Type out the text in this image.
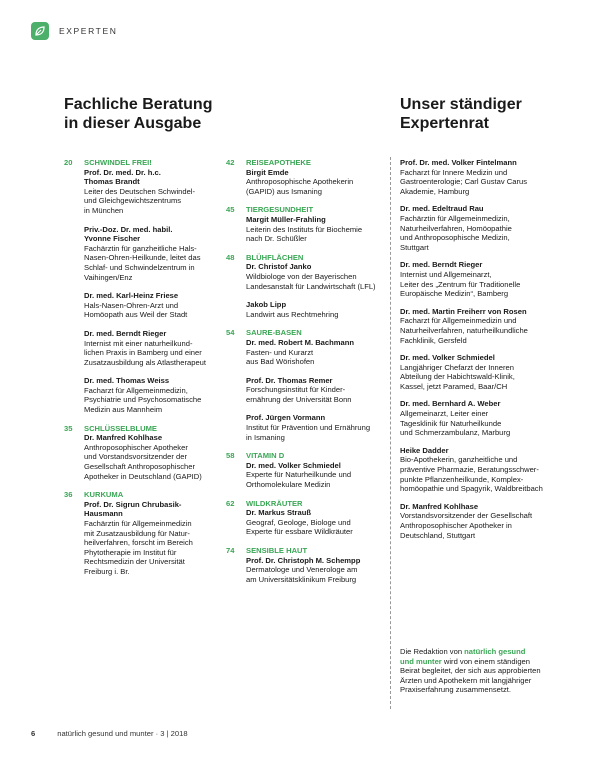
EXPERTEN
Fachliche Beratung
in dieser Ausgabe
Unser ständiger
Expertenrat
20 SCHWINDEL FREI!
Prof. Dr. med. Dr. h.c.
Thomas Brandt
Leiter des Deutschen Schwindel-
und Gleichgewichtszentrums
in München
Priv.-Doz. Dr. med. habil.
Yvonne Fischer
Fachärztin für ganzheitliche Hals-
Nasen-Ohren-Heilkunde, leitet das
Schlaf- und Schwindelzentrum in
Vaihingen/Enz
Dr. med. Karl-Heinz Friese
Hals-Nasen-Ohren-Arzt und
Homöopath aus Weil der Stadt
Dr. med. Berndt Rieger
Internist mit einer naturheilkund-
lichen Praxis in Bamberg und einer
Zusatzausbildung als Atlastherapeut
Dr. med. Thomas Weiss
Facharzt für Allgemeinmedizin,
Psychiatrie und Psychosomatische
Medizin aus Mannheim
35 SCHLÜSSELBLUME
Dr. Manfred Kohlhase
Anthroposophischer Apotheker
und Vorstandsvorsitzender der
Gesellschaft Anthroposophischer
Apotheker in Deutschland (GAPID)
36 KURKUMA
Prof. Dr. Sigrun Chrubasik-
Hausmann
Fachärztin für Allgemeinmedizin
mit Zusatzausbildung für Natur-
heilverfahren, forscht im Bereich
Phytotherapie im Institut für
Rechtsmedizin der Universität
Freiburg i. Br.
42 REISEAPOTHEKE
Birgit Emde
Anthroposophische Apothekerin
(GAPID) aus Ismaning
45 TIERGESUNDHEIT
Margit Müller-Frahling
Leiterin des Instituts für Biochemie
nach Dr. Schüßler
48 BLÜHFLÄCHEN
Dr. Christof Janko
Wildbiologe von der Bayerischen
Landesanstalt für Landwirtschaft (LFL)
Jakob Lipp
Landwirt aus Rechtmehring
54 SAURE-BASEN
Dr. med. Robert M. Bachmann
Fasten- und Kurarzt
aus Bad Wörishofen
Prof. Dr. Thomas Remer
Forschungsinstitut für Kinder-
ernährung der Universität Bonn
Prof. Jürgen Vormann
Institut für Prävention und Ernährung
in Ismaning
58 VITAMIN D
Dr. med. Volker Schmiedel
Experte für Naturheilkunde und
Orthomolekulare Medizin
62 WILDKRÄUTER
Dr. Markus Strauß
Geograf, Geologe, Biologe und
Experte für essbare Wildkräuter
74 SENSIBLE HAUT
Prof. Dr. Christoph M. Schempp
Dermatologe und Venerologe am
am Universitätsklinikum Freiburg
Prof. Dr. med. Volker Fintelmann
Facharzt für Innere Medizin und
Gastroenterologie; Carl Gustav Carus
Akademie, Hamburg
Dr. med. Edeltraud Rau
Fachärztin für Allgemeinmedizin,
Naturheilverfahren, Homöopathie
und Anthroposophische Medizin,
Stuttgart
Dr. med. Berndt Rieger
Internist und Allgemeinarzt,
Leiter des „Zentrum für Traditionelle
Europäische Medizin“, Bamberg
Dr. med. Martin Freiherr von Rosen
Facharzt für Allgemeinmedizin und
Naturheilverfahren, naturheilkundliche
Fachklinik, Gersfeld
Dr. med. Volker Schmiedel
Langjähriger Chefarzt der Inneren
Abteilung der Habichtswald-Klinik,
Kassel, jetzt Paramed, Baar/CH
Dr. med. Bernhard A. Weber
Allgemeinarzt, Leiter einer
Tagesklinik für Naturheilkunde
und Schmerzambulanz, Marburg
Heike Dadder
Bio-Apothekerin, ganzheitliche und
präventive Pharmazie, Beratungsschwer-
punkte Pflanzenheilkunde, Komplex-
homöopathie und Spagyrik, Waldbreitbach
Dr. Manfred Kohlhase
Vorstandsvorsitzender der Gesellschaft
Anthroposophischer Apotheker in
Deutschland, Stuttgart
Die Redaktion von natürlich gesund
und munter wird von einem ständigen
Beirat begleitet, der sich aus approbierten
Ärzten und Apothekern mit langjähriger
Praxiserfahrung zusammensetzt.
6	natürlich gesund und munter · 3 | 2018
